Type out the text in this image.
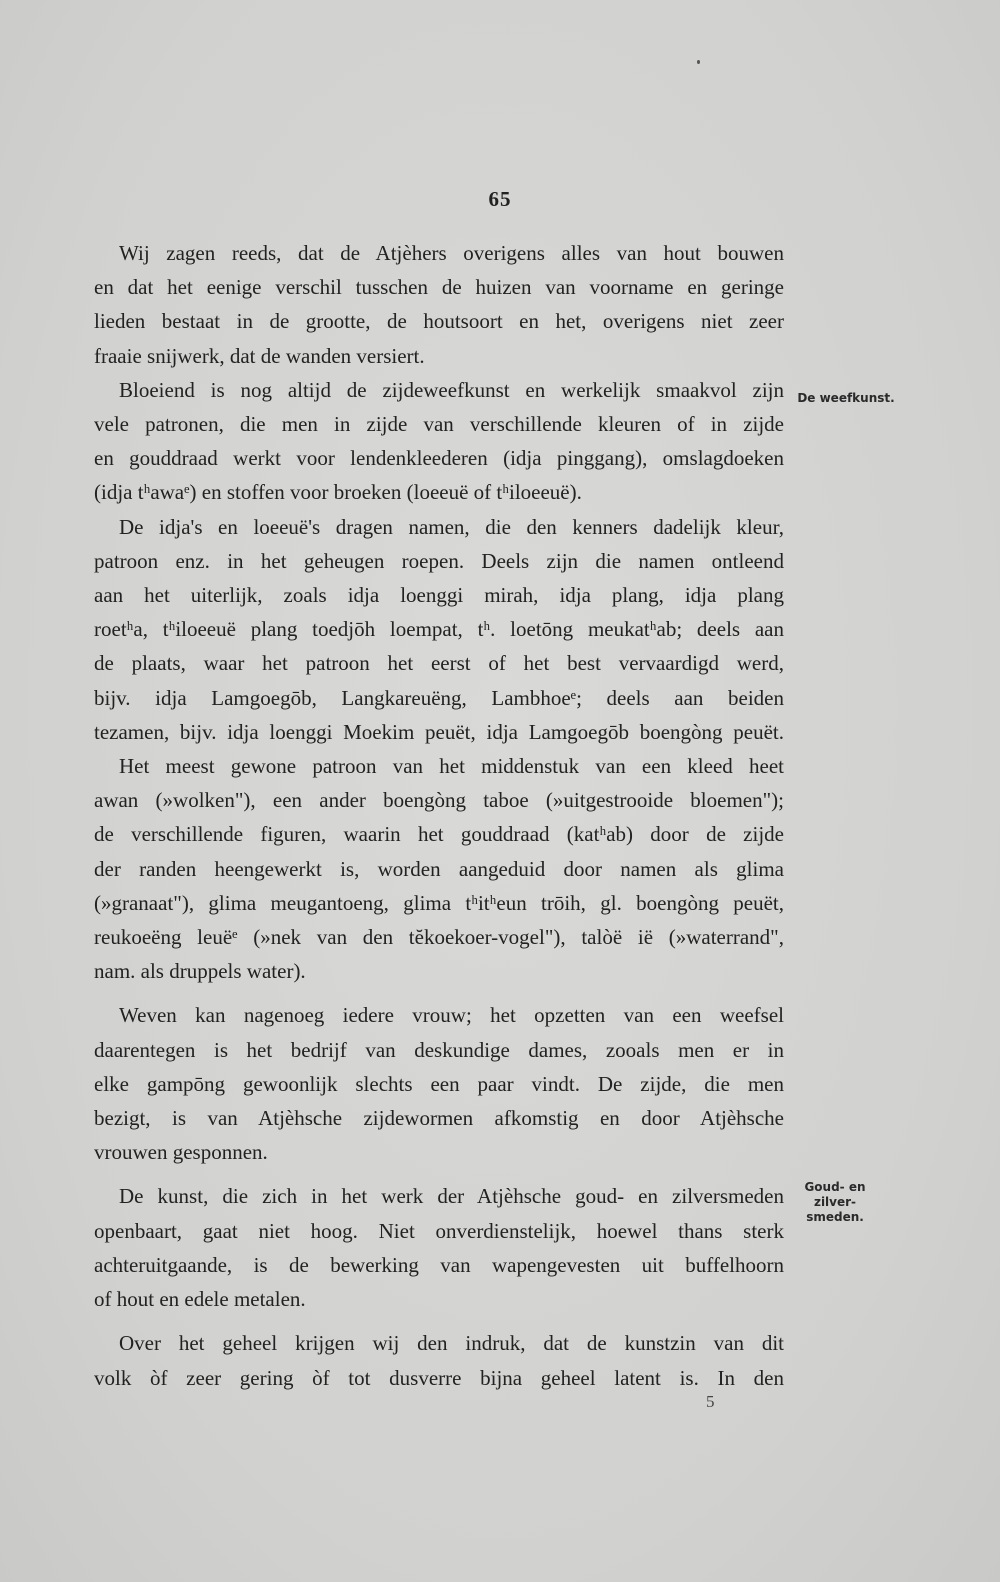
65

Wij zagen reeds, dat de Atjèhers overigens alles van hout bouwen
en dat het eenige verschil tusschen de huizen van voorname en geringe
lieden bestaat in de grootte, de houtsoort en het, overigens niet zeer
fraaie snijwerk, dat de wanden versiert.

Bloeiend is nog altijd de zijdeweefkunst en werkelijk smaakvol zijn
vele patronen, die men in zijde van verschillende kleuren of in zijde
en gouddraad werkt voor lendenkleederen (idja pinggang), omslagdoeken
(idja tʰawaᵉ) en stoffen voor broeken (loeeuë of tʰiloeeuë).

De idja's en loeeuë's dragen namen, die den kenners dadelijk kleur,
patroon enz. in het geheugen roepen. Deels zijn die namen ontleend
aan het uiterlijk, zoals idja loenggi mirah, idja plang, idja plang
roetʰa, tʰiloeeuë plang toedjōh loempat, tʰ. loetōng meukatʰab; deels aan
de plaats, waar het patroon het eerst of het best vervaardigd werd,
bijv. idja Lamgoegōb, Langkareuëng, Lambhoeᵉ; deels aan beiden
tezamen, bijv. idja loenggi Moekim peuët, idja Lamgoegōb boengòng peuët.

Het meest gewone patroon van het middenstuk van een kleed heet
awan (»wolken"), een ander boengòng taboe (»uitgestrooide bloemen");
de verschillende figuren, waarin het gouddraad (katʰab) door de zijde
der randen heengewerkt is, worden aangeduid door namen als glima
(»granaat"), glima meugantoeng, glima tʰitʰeun trōih, gl. boengòng peuët,
reukoeëng leuëᵉ (»nek van den tĕkoekoer-vogel"), talòë ië (»waterrand",
nam. als druppels water).

Weven kan nagenoeg iedere vrouw; het opzetten van een weefsel
daarentegen is het bedrijf van deskundige dames, zooals men er in
elke gampōng gewoonlijk slechts een paar vindt. De zijde, die men
bezigt, is van Atjèhsche zijdewormen afkomstig en door Atjèhsche
vrouwen gesponnen.

De kunst, die zich in het werk der Atjèhsche goud- en zilversmeden
openbaart, gaat niet hoog. Niet onverdienstelijk, hoewel thans sterk
achteruitgaande, is de bewerking van wapengevesten uit buffelhoorn
of hout en edele metalen.

Over het geheel krijgen wij den indruk, dat de kunstzin van dit
volk òf zeer gering òf tot dusverre bijna geheel latent is. In den

De weefkunst.
Goud- en zilver-smeden.
5
